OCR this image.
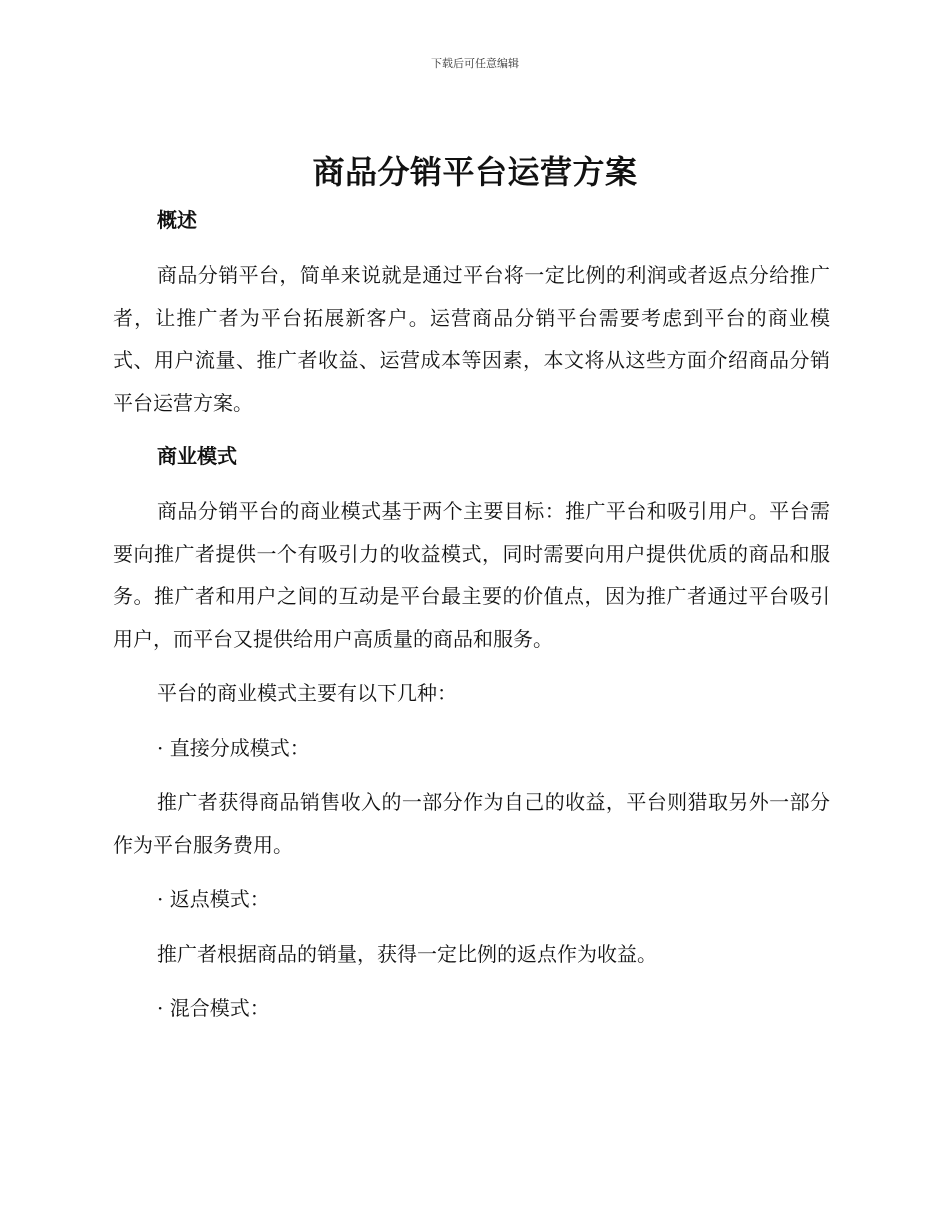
下载后可任意编辑
商品分销平台运营方案
概述

商品分销平台，简单来说就是通过平台将一定比例的利润或者返点分给推广者，让推广者为平台拓展新客户。运营商品分销平台需要考虑到平台的商业模式、用户流量、推广者收益、运营成本等因素，本文将从这些方面介绍商品分销平台运营方案。

商业模式

商品分销平台的商业模式基于两个主要目标：推广平台和吸引用户。平台需要向推广者提供一个有吸引力的收益模式，同时需要向用户提供优质的商品和服务。推广者和用户之间的互动是平台最主要的价值点，因为推广者通过平台吸引用户，而平台又提供给用户高质量的商品和服务。

平台的商业模式主要有以下几种：

· 直接分成模式：

推广者获得商品销售收入的一部分作为自己的收益，平台则猎取另外一部分作为平台服务费用。

· 返点模式：

推广者根据商品的销量，获得一定比例的返点作为收益。

· 混合模式：
